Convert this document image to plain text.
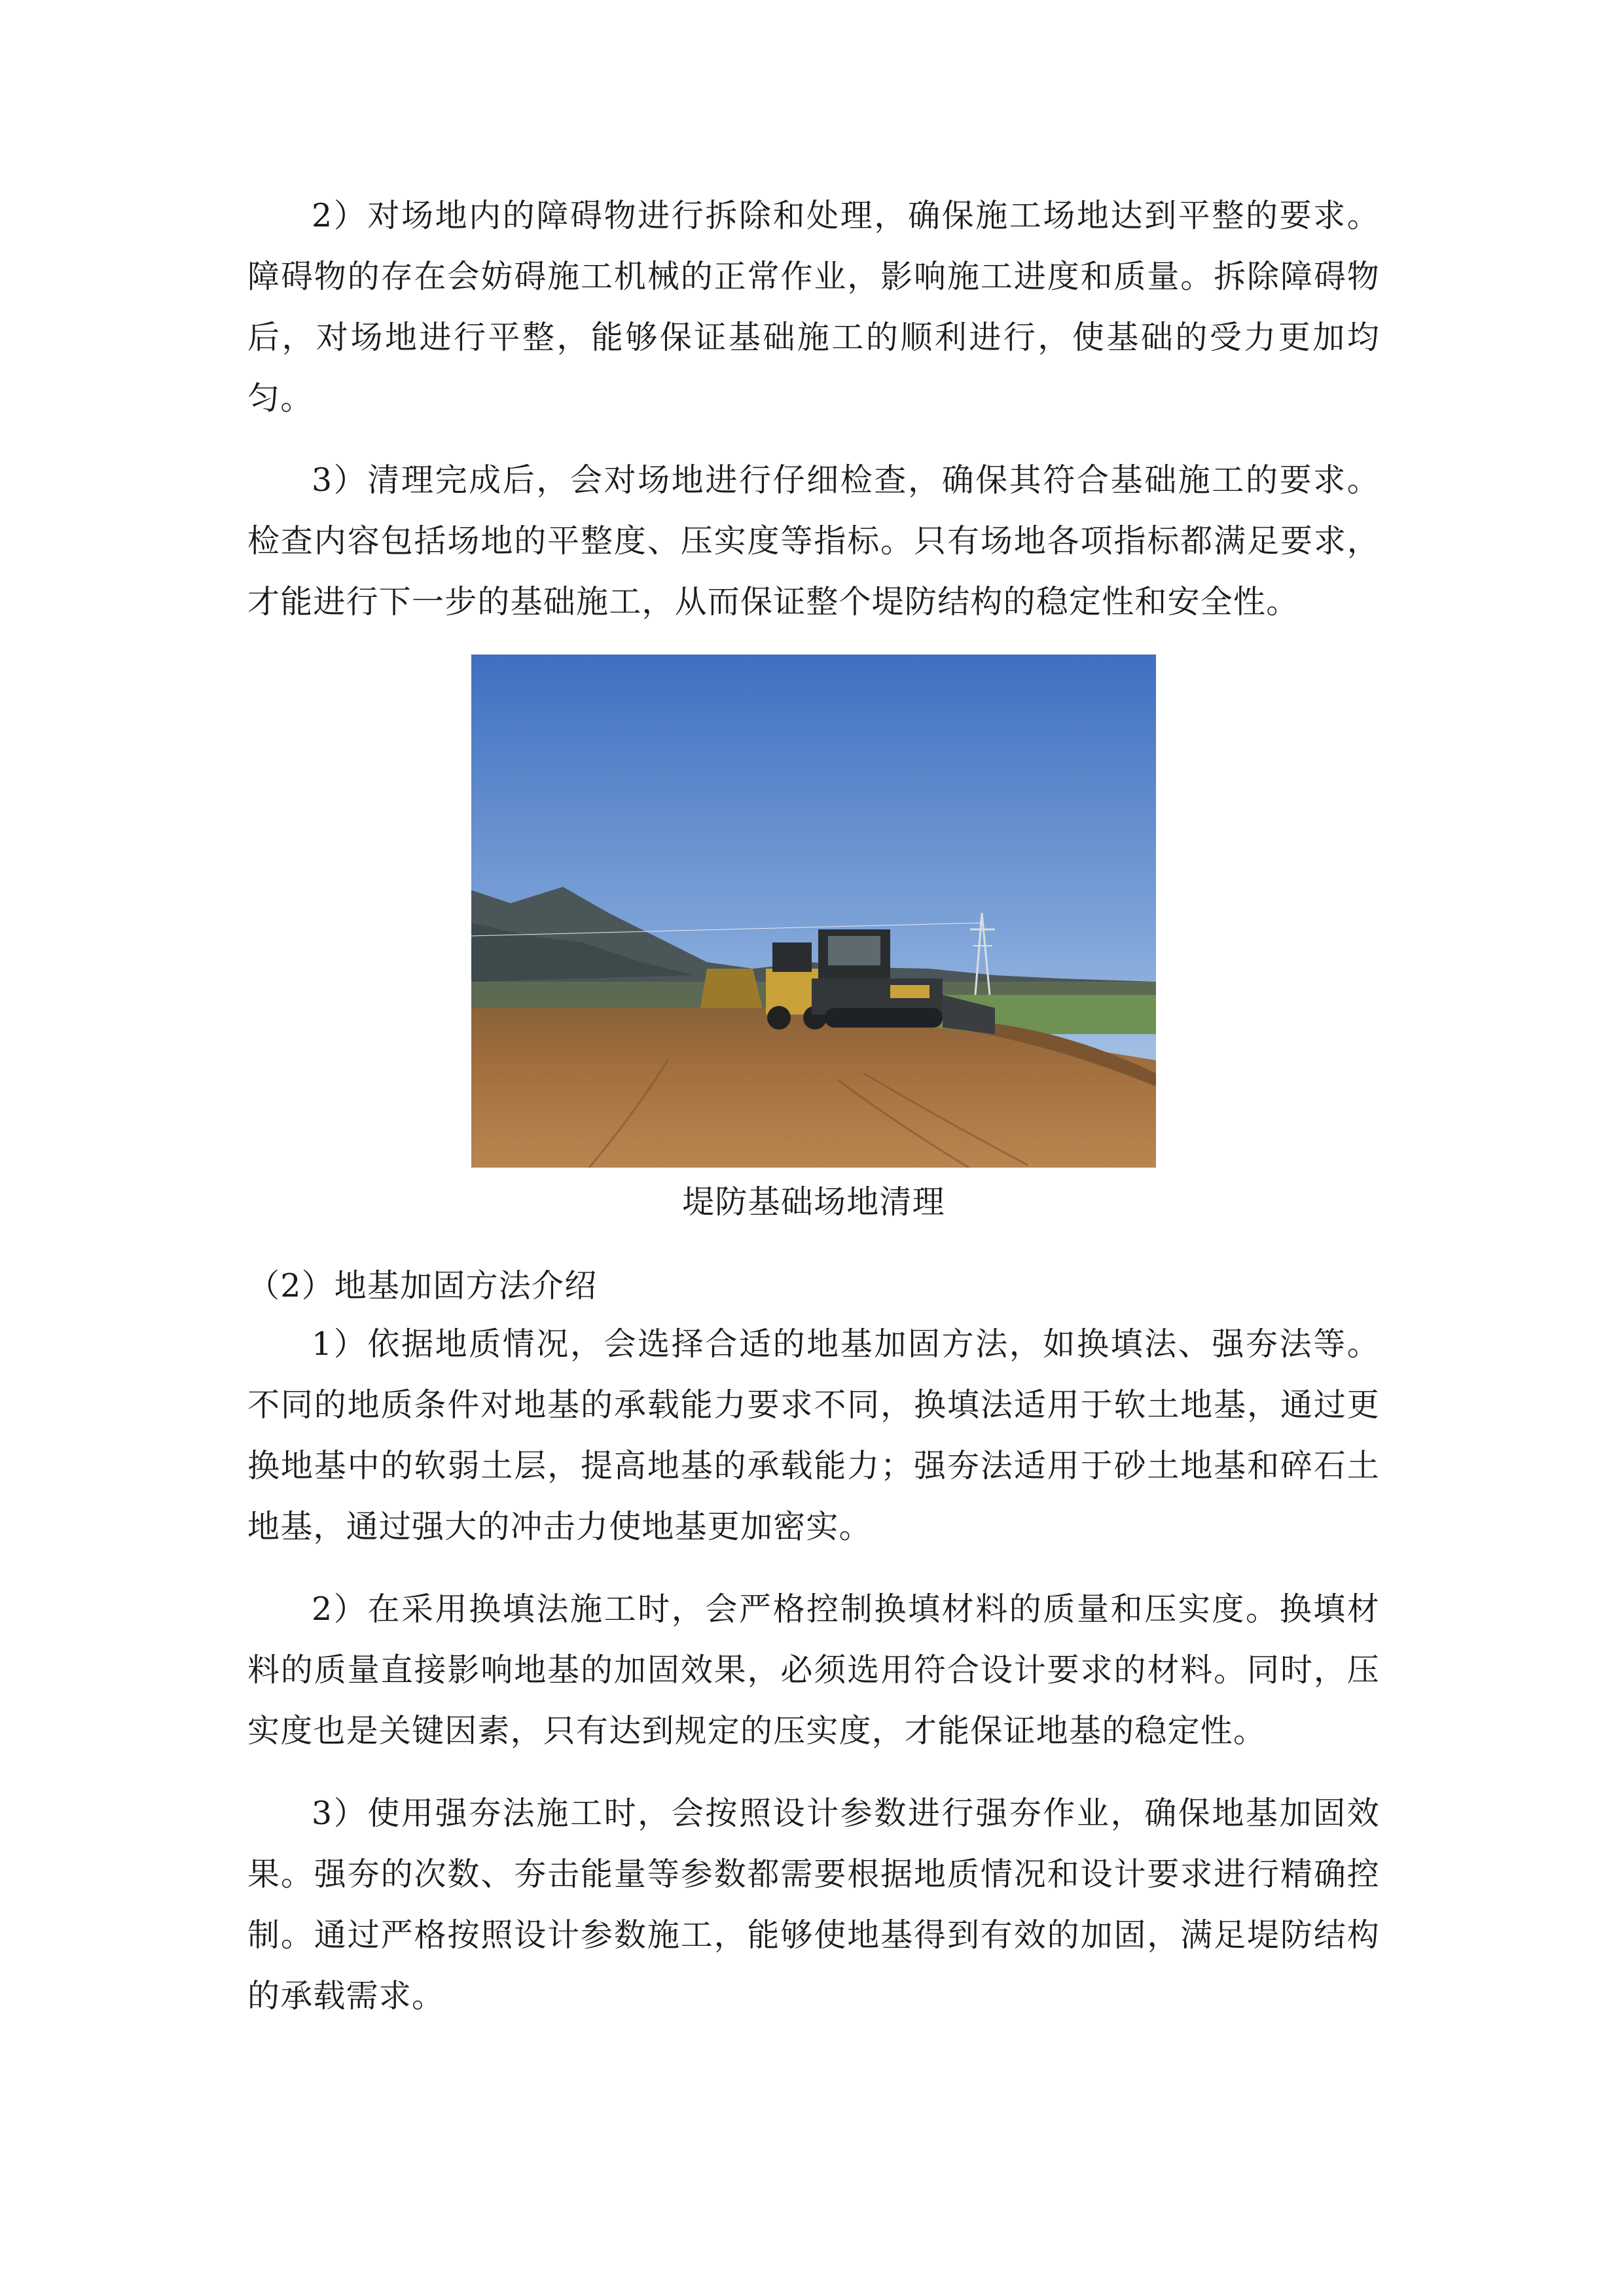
2）对场地内的障碍物进行拆除和处理，确保施工场地达到平整的要求。障碍物的存在会妨碍施工机械的正常作业，影响施工进度和质量。拆除障碍物后，对场地进行平整，能够保证基础施工的顺利进行，使基础的受力更加均匀。

3）清理完成后，会对场地进行仔细检查，确保其符合基础施工的要求。检查内容包括场地的平整度、压实度等指标。只有场地各项指标都满足要求，才能进行下一步的基础施工，从而保证整个堤防结构的稳定性和安全性。

堤防基础场地清理
（2）地基加固方法介绍

1）依据地质情况，会选择合适的地基加固方法，如换填法、强夯法等。不同的地质条件对地基的承载能力要求不同，换填法适用于软土地基，通过更换地基中的软弱土层，提高地基的承载能力；强夯法适用于砂土地基和碎石土地基，通过强大的冲击力使地基更加密实。

2）在采用换填法施工时，会严格控制换填材料的质量和压实度。换填材料的质量直接影响地基的加固效果，必须选用符合设计要求的材料。同时，压实度也是关键因素，只有达到规定的压实度，才能保证地基的稳定性。

3）使用强夯法施工时，会按照设计参数进行强夯作业，确保地基加固效果。强夯的次数、夯击能量等参数都需要根据地质情况和设计要求进行精确控制。通过严格按照设计参数施工，能够使地基得到有效的加固，满足堤防结构的承载需求。
